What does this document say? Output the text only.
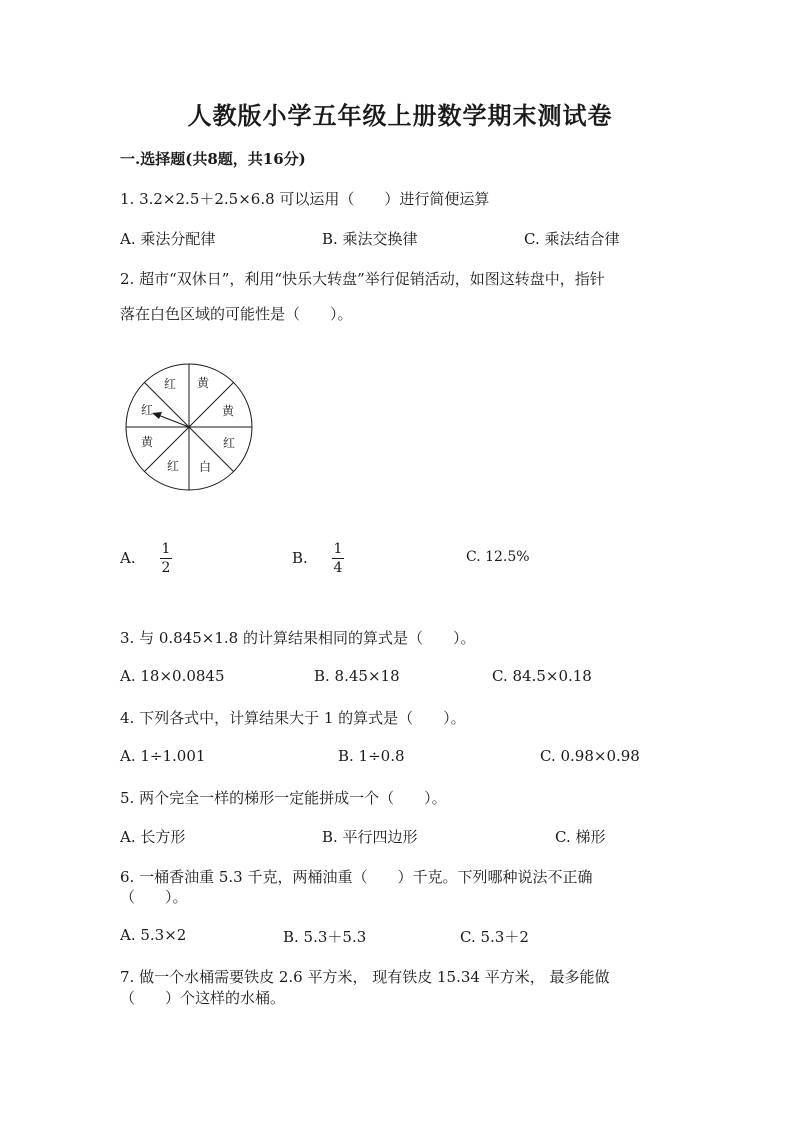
人教版小学五年级上册数学期末测试卷
一.选择题(共8题，共16分)
1. 3.2×2.5＋2.5×6.8 可以运用（　　）进行简便运算
A. 乘法分配律	B. 乘法交换律	C. 乘法结合律
2. 超市“双休日”，利用“快乐大转盘”举行促销活动，如图这转盘中，指针
落在白色区域的可能性是（　　）。
红 黄
黄
红
白
红
黄
红
A. 1
2
B. 1
4
C. 12.5%
3. 与 0.845×1.8 的计算结果相同的算式是（　　）。
A. 18×0.0845	B. 8.45×18	C. 84.5×0.18
4. 下列各式中，计算结果大于 1 的算式是（　　）。
A. 1÷1.001	B. 1÷0.8	C. 0.98×0.98
5. 两个完全一样的梯形一定能拼成一个（　　）。
A. 长方形	B. 平行四边形	C. 梯形
6. 一桶香油重 5.3 千克，两桶油重（　　）千克。下列哪种说法不正确
（　　）。
A. 5.3×2	B. 5.3＋5.3	C. 5.3＋2
7. 做一个水桶需要铁皮 2.6 平方米， 现有铁皮 15.34 平方米， 最多能做
（　　）个这样的水桶。
